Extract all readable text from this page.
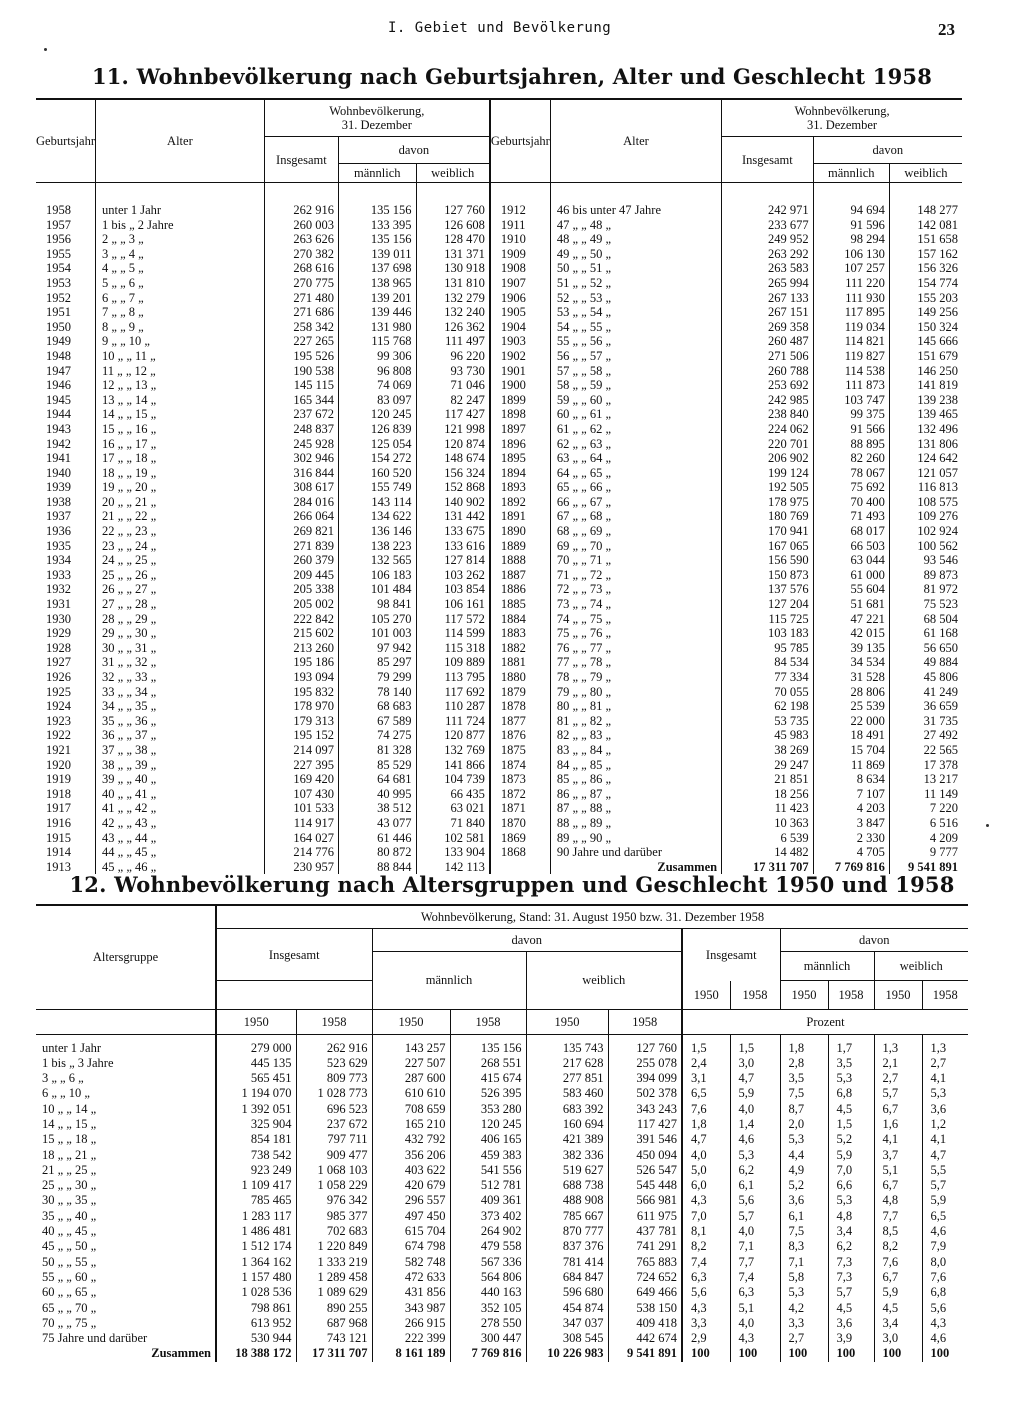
I. Gebiet und Bevölkerung	23
11. Wohnbevölkerung nach Geburtsjahren, Alter und Geschlecht 1958
Geburtsjahr	Alter	Wohnbevölkerung,
31. Dezember			Geburtsjahr	Alter	Wohnbevölkerung,
31. Dezember		
		Insgesamt	davon				Insgesamt	davon	
			männlich	weiblich				männlich	weiblich
1958	unter 1 Jahr	262 916	135 156	127 760	1912	46 bis unter 47 Jahre	242 971	94 694	148 277
1957	1 bis „ 2 Jahre	260 003	133 395	126 608	1911	47 „ „ 48 „	233 677	91 596	142 081
1956	2 „ „ 3 „	263 626	135 156	128 470	1910	48 „ „ 49 „	249 952	98 294	151 658
1955	3 „ „ 4 „	270 382	139 011	131 371	1909	49 „ „ 50 „	263 292	106 130	157 162
1954	4 „ „ 5 „	268 616	137 698	130 918	1908	50 „ „ 51 „	263 583	107 257	156 326
1953	5 „ „ 6 „	270 775	138 965	131 810	1907	51 „ „ 52 „	265 994	111 220	154 774
1952	6 „ „ 7 „	271 480	139 201	132 279	1906	52 „ „ 53 „	267 133	111 930	155 203
1951	7 „ „ 8 „	271 686	139 446	132 240	1905	53 „ „ 54 „	267 151	117 895	149 256
1950	8 „ „ 9 „	258 342	131 980	126 362	1904	54 „ „ 55 „	269 358	119 034	150 324
1949	9 „ „ 10 „	227 265	115 768	111 497	1903	55 „ „ 56 „	260 487	114 821	145 666
1948	10 „ „ 11 „	195 526	99 306	96 220	1902	56 „ „ 57 „	271 506	119 827	151 679
1947	11 „ „ 12 „	190 538	96 808	93 730	1901	57 „ „ 58 „	260 788	114 538	146 250
1946	12 „ „ 13 „	145 115	74 069	71 046	1900	58 „ „ 59 „	253 692	111 873	141 819
1945	13 „ „ 14 „	165 344	83 097	82 247	1899	59 „ „ 60 „	242 985	103 747	139 238
1944	14 „ „ 15 „	237 672	120 245	117 427	1898	60 „ „ 61 „	238 840	99 375	139 465
1943	15 „ „ 16 „	248 837	126 839	121 998	1897	61 „ „ 62 „	224 062	91 566	132 496
1942	16 „ „ 17 „	245 928	125 054	120 874	1896	62 „ „ 63 „	220 701	88 895	131 806
1941	17 „ „ 18 „	302 946	154 272	148 674	1895	63 „ „ 64 „	206 902	82 260	124 642
1940	18 „ „ 19 „	316 844	160 520	156 324	1894	64 „ „ 65 „	199 124	78 067	121 057
1939	19 „ „ 20 „	308 617	155 749	152 868	1893	65 „ „ 66 „	192 505	75 692	116 813
1938	20 „ „ 21 „	284 016	143 114	140 902	1892	66 „ „ 67 „	178 975	70 400	108 575
1937	21 „ „ 22 „	266 064	134 622	131 442	1891	67 „ „ 68 „	180 769	71 493	109 276
1936	22 „ „ 23 „	269 821	136 146	133 675	1890	68 „ „ 69 „	170 941	68 017	102 924
1935	23 „ „ 24 „	271 839	138 223	133 616	1889	69 „ „ 70 „	167 065	66 503	100 562
1934	24 „ „ 25 „	260 379	132 565	127 814	1888	70 „ „ 71 „	156 590	63 044	93 546
1933	25 „ „ 26 „	209 445	106 183	103 262	1887	71 „ „ 72 „	150 873	61 000	89 873
1932	26 „ „ 27 „	205 338	101 484	103 854	1886	72 „ „ 73 „	137 576	55 604	81 972
1931	27 „ „ 28 „	205 002	98 841	106 161	1885	73 „ „ 74 „	127 204	51 681	75 523
1930	28 „ „ 29 „	222 842	105 270	117 572	1884	74 „ „ 75 „	115 725	47 221	68 504
1929	29 „ „ 30 „	215 602	101 003	114 599	1883	75 „ „ 76 „	103 183	42 015	61 168
1928	30 „ „ 31 „	213 260	97 942	115 318	1882	76 „ „ 77 „	95 785	39 135	56 650
1927	31 „ „ 32 „	195 186	85 297	109 889	1881	77 „ „ 78 „	84 534	34 534	49 884
1926	32 „ „ 33 „	193 094	79 299	113 795	1880	78 „ „ 79 „	77 334	31 528	45 806
1925	33 „ „ 34 „	195 832	78 140	117 692	1879	79 „ „ 80 „	70 055	28 806	41 249
1924	34 „ „ 35 „	178 970	68 683	110 287	1878	80 „ „ 81 „	62 198	25 539	36 659
1923	35 „ „ 36 „	179 313	67 589	111 724	1877	81 „ „ 82 „	53 735	22 000	31 735
1922	36 „ „ 37 „	195 152	74 275	120 877	1876	82 „ „ 83 „	45 983	18 491	27 492
1921	37 „ „ 38 „	214 097	81 328	132 769	1875	83 „ „ 84 „	38 269	15 704	22 565
1920	38 „ „ 39 „	227 395	85 529	141 866	1874	84 „ „ 85 „	29 247	11 869	17 378
1919	39 „ „ 40 „	169 420	64 681	104 739	1873	85 „ „ 86 „	21 851	8 634	13 217
1918	40 „ „ 41 „	107 430	40 995	66 435	1872	86 „ „ 87 „	18 256	7 107	11 149
1917	41 „ „ 42 „	101 533	38 512	63 021	1871	87 „ „ 88 „	11 423	4 203	7 220
1916	42 „ „ 43 „	114 917	43 077	71 840	1870	88 „ „ 89 „	10 363	3 847	6 516
1915	43 „ „ 44 „	164 027	61 446	102 581	1869	89 „ „ 90 „	6 539	2 330	4 209
1914	44 „ „ 45 „	214 776	80 872	133 904	1868	90 Jahre und darüber	14 482	4 705	9 777
1913	45 „ „ 46 „	230 957	88 844	142 113		Zusammen	17 311 707	7 769 816	9 541 891
12. Wohnbevölkerung nach Altersgruppen und Geschlecht 1950 und 1958
Altersgruppe	Wohnbevölkerung, Stand: 31. August 1950 bzw. 31. Dezember 1958											
	Insgesamt		davon				Insgesamt		davon			
			männlich		weiblich				männlich		weiblich	
							1950	1958	1950	1958	1950	1958
	1950	1958	1950	1958	1950	1958	Prozent					
unter 1 Jahr	279 000	262 916	143 257	135 156	135 743	127 760	1,5	1,5	1,8	1,7	1,3	1,3
1 bis „ 3 Jahre	445 135	523 629	227 507	268 551	217 628	255 078	2,4	3,0	2,8	3,5	2,1	2,7
3 „ „ 6 „	565 451	809 773	287 600	415 674	277 851	394 099	3,1	4,7	3,5	5,3	2,7	4,1
6 „ „ 10 „	1 194 070	1 028 773	610 610	526 395	583 460	502 378	6,5	5,9	7,5	6,8	5,7	5,3
10 „ „ 14 „	1 392 051	696 523	708 659	353 280	683 392	343 243	7,6	4,0	8,7	4,5	6,7	3,6
14 „ „ 15 „	325 904	237 672	165 210	120 245	160 694	117 427	1,8	1,4	2,0	1,5	1,6	1,2
15 „ „ 18 „	854 181	797 711	432 792	406 165	421 389	391 546	4,7	4,6	5,3	5,2	4,1	4,1
18 „ „ 21 „	738 542	909 477	356 206	459 383	382 336	450 094	4,0	5,3	4,4	5,9	3,7	4,7
21 „ „ 25 „	923 249	1 068 103	403 622	541 556	519 627	526 547	5,0	6,2	4,9	7,0	5,1	5,5
25 „ „ 30 „	1 109 417	1 058 229	420 679	512 781	688 738	545 448	6,0	6,1	5,2	6,6	6,7	5,7
30 „ „ 35 „	785 465	976 342	296 557	409 361	488 908	566 981	4,3	5,6	3,6	5,3	4,8	5,9
35 „ „ 40 „	1 283 117	985 377	497 450	373 402	785 667	611 975	7,0	5,7	6,1	4,8	7,7	6,5
40 „ „ 45 „	1 486 481	702 683	615 704	264 902	870 777	437 781	8,1	4,0	7,5	3,4	8,5	4,6
45 „ „ 50 „	1 512 174	1 220 849	674 798	479 558	837 376	741 291	8,2	7,1	8,3	6,2	8,2	7,9
50 „ „ 55 „	1 364 162	1 333 219	582 748	567 336	781 414	765 883	7,4	7,7	7,1	7,3	7,6	8,0
55 „ „ 60 „	1 157 480	1 289 458	472 633	564 806	684 847	724 652	6,3	7,4	5,8	7,3	6,7	7,6
60 „ „ 65 „	1 028 536	1 089 629	431 856	440 163	596 680	649 466	5,6	6,3	5,3	5,7	5,9	6,8
65 „ „ 70 „	798 861	890 255	343 987	352 105	454 874	538 150	4,3	5,1	4,2	4,5	4,5	5,6
70 „ „ 75 „	613 952	687 968	266 915	278 550	347 037	409 418	3,3	4,0	3,3	3,6	3,4	4,3
75 Jahre und darüber	530 944	743 121	222 399	300 447	308 545	442 674	2,9	4,3	2,7	3,9	3,0	4,6
Zusammen	18 388 172	17 311 707	8 161 189	7 769 816	10 226 983	9 541 891	100	100	100	100	100	100
